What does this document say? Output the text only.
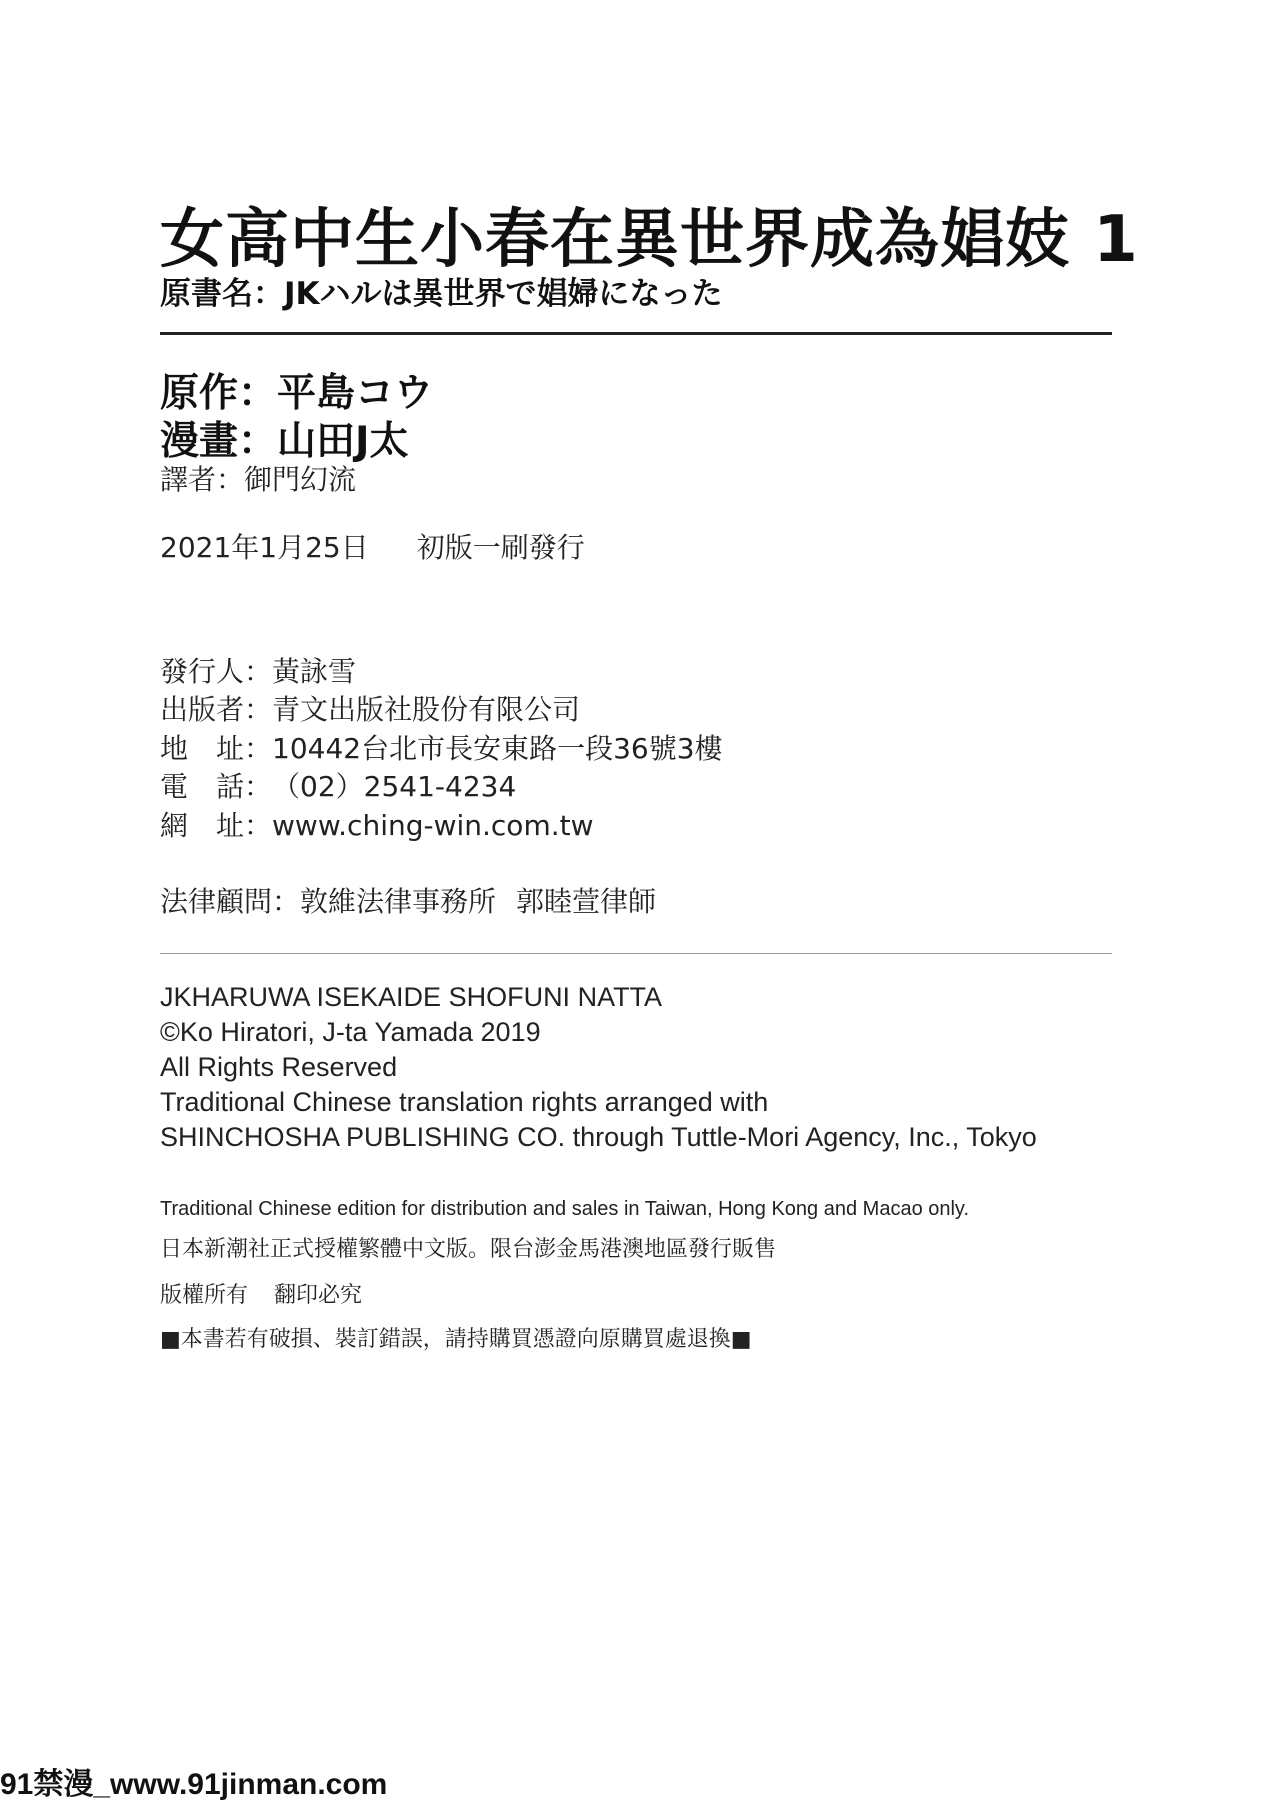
女高中生小春在異世界成為娼妓 1
原書名：JKハルは異世界で娼婦になった
原作：平島コウ
漫畫：山田J太
譯者：御門幻流
2021年1月25日 初版一刷發行
發行人：黃詠雪
出版者：青文出版社股份有限公司
地　址：10442台北市長安東路一段36號3樓
電　話：（02）2541-4234
網　址：www.ching-win.com.tw
法律顧問：敦維法律事務所 郭睦萱律師
JKHARUWA ISEKAIDE SHOFUNI NATTA
©Ko Hiratori, J-ta Yamada 2019
All Rights Reserved
Traditional Chinese translation rights arranged with
SHINCHOSHA PUBLISHING CO. through Tuttle-Mori Agency, Inc., Tokyo
Traditional Chinese edition for distribution and sales in Taiwan, Hong Kong and Macao only.
日本新潮社正式授權繁體中文版。限台澎金馬港澳地區發行販售
版權所有 翻印必究
■本書若有破損、裝訂錯誤，請持購買憑證向原購買處退換■
91禁漫_www.91jinman.com
